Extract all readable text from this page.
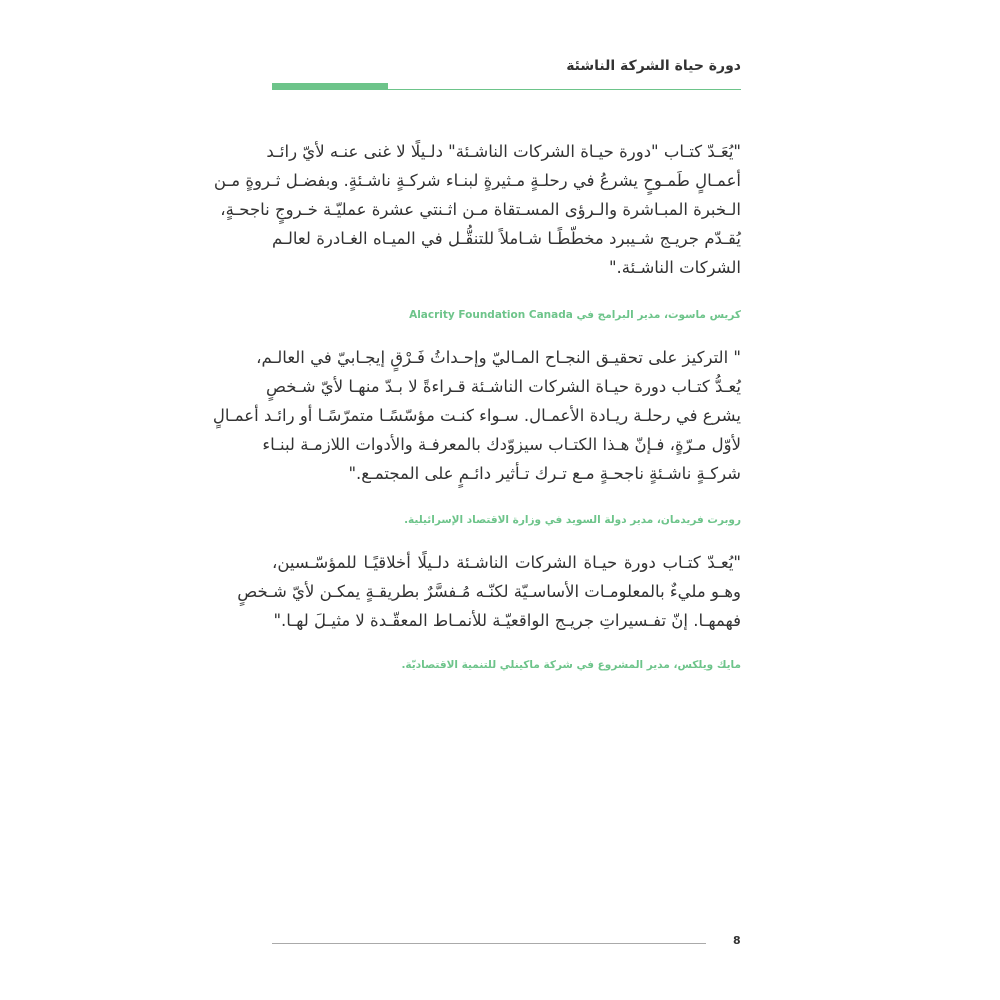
دورة حياة الشركة الناشئة
"يُعَـدّ كتـاب "دورة حيـاة الشركات الناشـئة" دلـيلًا لا غنى عنـه لأيّ رائـد
أعمـالٍ طَمـوحٍ يشرعُ في رحلـةٍ مـثيرةٍ لبنـاء شركـةٍ ناشـئةٍ. وبفضـل ثـروةٍ مـن
الـخبرة المبـاشرة والـرؤى المسـتقاة مـن اثـنتي عشرة عمليّـة خـروجٍ ناجحـةٍ،
يُقـدّم جريـج شـيبرد مخطّطًـا شـاملاً للتنقُّـل في الميـاه الغـادرة لعالـم
الشركات الناشـئة."
كريس ماسوت، مدير البرامج في Alacrity Foundation Canada
" التركيز على تحقيـق النجـاح المـاليّ وإحـداثُ فَـرْقٍ إيجـابيّ في العالـم،
يُعـدُّ كتـاب دورة حيـاة الشركات الناشـئة قـراءةً لا بـدّ منهـا لأيّ شـخصٍ
يشرع في رحلـة ريـادة الأعمـال. سـواء كنـت مؤسّسًـا متمرّسًـا أو رائـد أعمـالٍ
لأوّل مـرّةٍ، فـإنّ هـذا الكتـاب سيزوّدك بالمعرفـة والأدوات اللازمـة لبنـاء
شركـةٍ ناشـئةٍ ناجحـةٍ مـع تـرك تـأثير دائـمٍ على المجتمـع."
روبرت فريدمان، مدير دولة السويد في وزارة الاقتصاد الإسرائيلية.
"يُعـدّ كتـاب دورة حيـاة الشركات الناشـئة دلـيلًا أخلاقيًـا للمؤسّـسين،
وهـو مليءٌ بالمعلومـات الأساسـيّة لكنّـه مُـفسَّرٌ بطريقـةٍ يمكـن لأيّ شـخصٍ
فهمهـا. إنّ تفـسيراتِ جريـج الواقعيّـة للأنمـاط المعقّـدة لا مثيـلَ لهـا."
مايك ويلكس، مدير المشروع في شركة ماكينلي للتنمية الاقتصاديّة.
8
